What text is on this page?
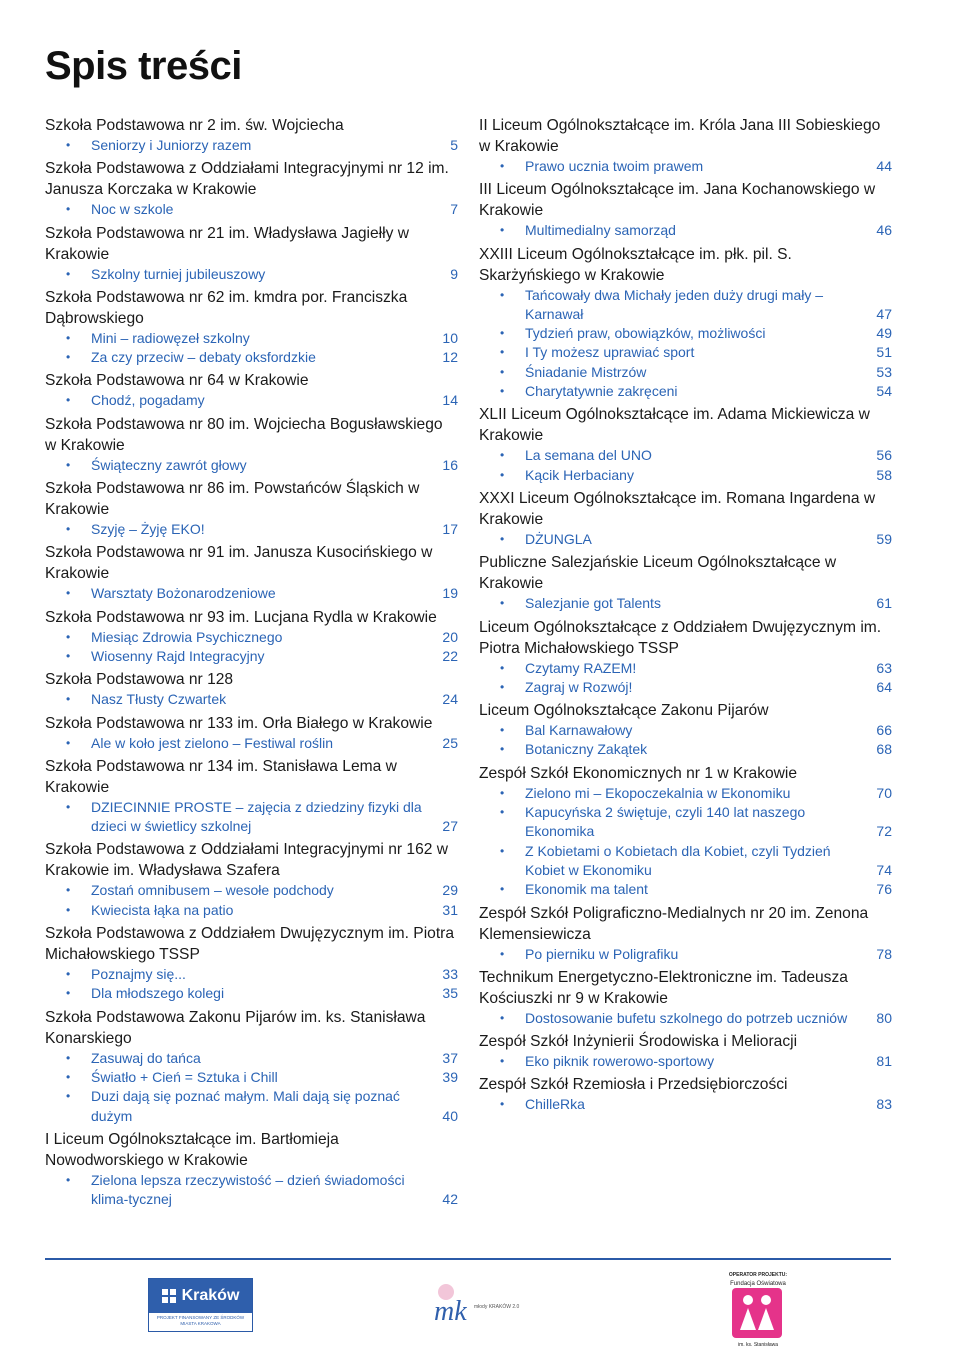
Spis treści
Szkoła Podstawowa nr 2 im. św. Wojciecha
• Seniorzy i Juniorzy razem	5
Szkoła Podstawowa z Oddziałami Integracyjnymi nr 12 im. Janusza Korczaka w Krakowie
• Noc w szkole	7
Szkoła Podstawowa nr 21 im. Władysława Jagiełły w Krakowie
• Szkolny turniej jubileuszowy	9
Szkoła Podstawowa nr 62 im. kmdra por. Franciszka Dąbrowskiego
• Mini – radiowęzeł szkolny	10
• Za czy przeciw – debaty oksfordzkie	12
Szkoła Podstawowa nr 64 w Krakowie
• Chodź, pogadamy	14
Szkoła Podstawowa nr 80 im. Wojciecha Bogusławskiego w Krakowie
• Świąteczny zawrót głowy	16
Szkoła Podstawowa nr 86 im. Powstańców Śląskich w Krakowie
• Szyję – Żyję EKO!	17
Szkoła Podstawowa nr 91 im. Janusza Kusocińskiego w Krakowie
• Warsztaty Bożonarodzeniowe	19
Szkoła Podstawowa nr 93 im. Lucjana Rydla w Krakowie
• Miesiąc Zdrowia Psychicznego	20
• Wiosenny Rajd Integracyjny	22
Szkoła Podstawowa nr 128
• Nasz Tłusty Czwartek	24
Szkoła Podstawowa nr 133 im. Orła Białego w Krakowie
• Ale w koło jest zielono – Festiwal roślin	25
Szkoła Podstawowa nr 134 im. Stanisława Lema w Krakowie
• DZIECINNIE PROSTE – zajęcia z dziedziny fizyki dla dzieci w świetlicy szkolnej	27
Szkoła Podstawowa z Oddziałami Integracyjnymi nr 162 w Krakowie im. Władysława Szafera
• Zostań omnibusem – wesołe podchody	29
• Kwiecista łąka na patio	31
Szkoła Podstawowa z Oddziałem Dwujęzycznym im. Piotra Michałowskiego TSSP
• Poznajmy się...	33
• Dla młodszego kolegi	35
Szkoła Podstawowa Zakonu Pijarów im. ks. Stanisława Konarskiego
• Zasuwaj do tańca	37
• Światło + Cień = Sztuka i Chill	39
• Duzi dają się poznać małym. Mali dają się poznać dużym	40
I Liceum Ogólnokształcące im. Bartłomieja Nowodworskiego w Krakowie
• Zielona lepsza rzeczywistość – dzień świadomości klima-tycznej	42
II Liceum Ogólnokształcące im. Króla Jana III Sobieskiego w Krakowie
• Prawo ucznia twoim prawem	44
III Liceum Ogólnokształcące im. Jana Kochanowskiego w Krakowie
• Multimedialny samorząd	46
XXIII Liceum Ogólnokształcące im. płk. pil. S. Skarżyńskiego w Krakowie
• Tańcowały dwa Michały jeden duży drugi mały – Karnawał	47
• Tydzień praw, obowiązków, możliwości	49
• I Ty możesz uprawiać sport	51
• Śniadanie Mistrzów	53
• Charytatywnie zakręceni	54
XLII Liceum Ogólnokształcące im. Adama Mickiewicza w Krakowie
• La semana del UNO	56
• Kącik Herbaciany	58
XXXI Liceum Ogólnokształcące im. Romana Ingardena w Krakowie
• DŻUNGLA	59
Publiczne Salezjańskie Liceum Ogólnokształcące w Krakowie
• Salezjanie got Talents	61
Liceum Ogólnokształcące z Oddziałem Dwujęzycznym im. Piotra Michałowskiego TSSP
• Czytamy RAZEM!	63
• Zagraj w Rozwój!	64
Liceum Ogólnokształcące Zakonu Pijarów
• Bal Karnawałowy	66
• Botaniczny Zakątek	68
Zespół Szkół Ekonomicznych nr 1 w Krakowie
• Zielono mi – Ekopoczekalnia w Ekonomiku	70
• Kapucyńska 2 świętuje, czyli 140 lat naszego Ekonomika	72
• Z Kobietami o Kobietach dla Kobiet, czyli Tydzień Kobiet w Ekonomiku	74
• Ekonomik ma talent	76
Zespół Szkół Poligraficzno-Medialnych nr 20 im. Zenona Klemensiewicza
• Po pierniku w Poligrafiku	78
Technikum Energetyczno-Elektroniczne im. Tadeusza Kościuszki nr 9 w Krakowie
• Dostosowanie bufetu szkolnego do potrzeb uczniów 80
Zespół Szkół Inżynierii Środowiska i Melioracji
• Eko piknik rowerowo-sportowy	81
Zespół Szkół Rzemiosła i Przedsiębiorczości
• ChilleRka	83
Kraków
PROJEKT FINANSOWANY ZE ŚRODKÓW MIASTA KRAKOWA	mk młody KRAKÓW 2.0
OPERATOR PROJEKTU:
Fundacja Oświatowa
im. ks. Stanisława
